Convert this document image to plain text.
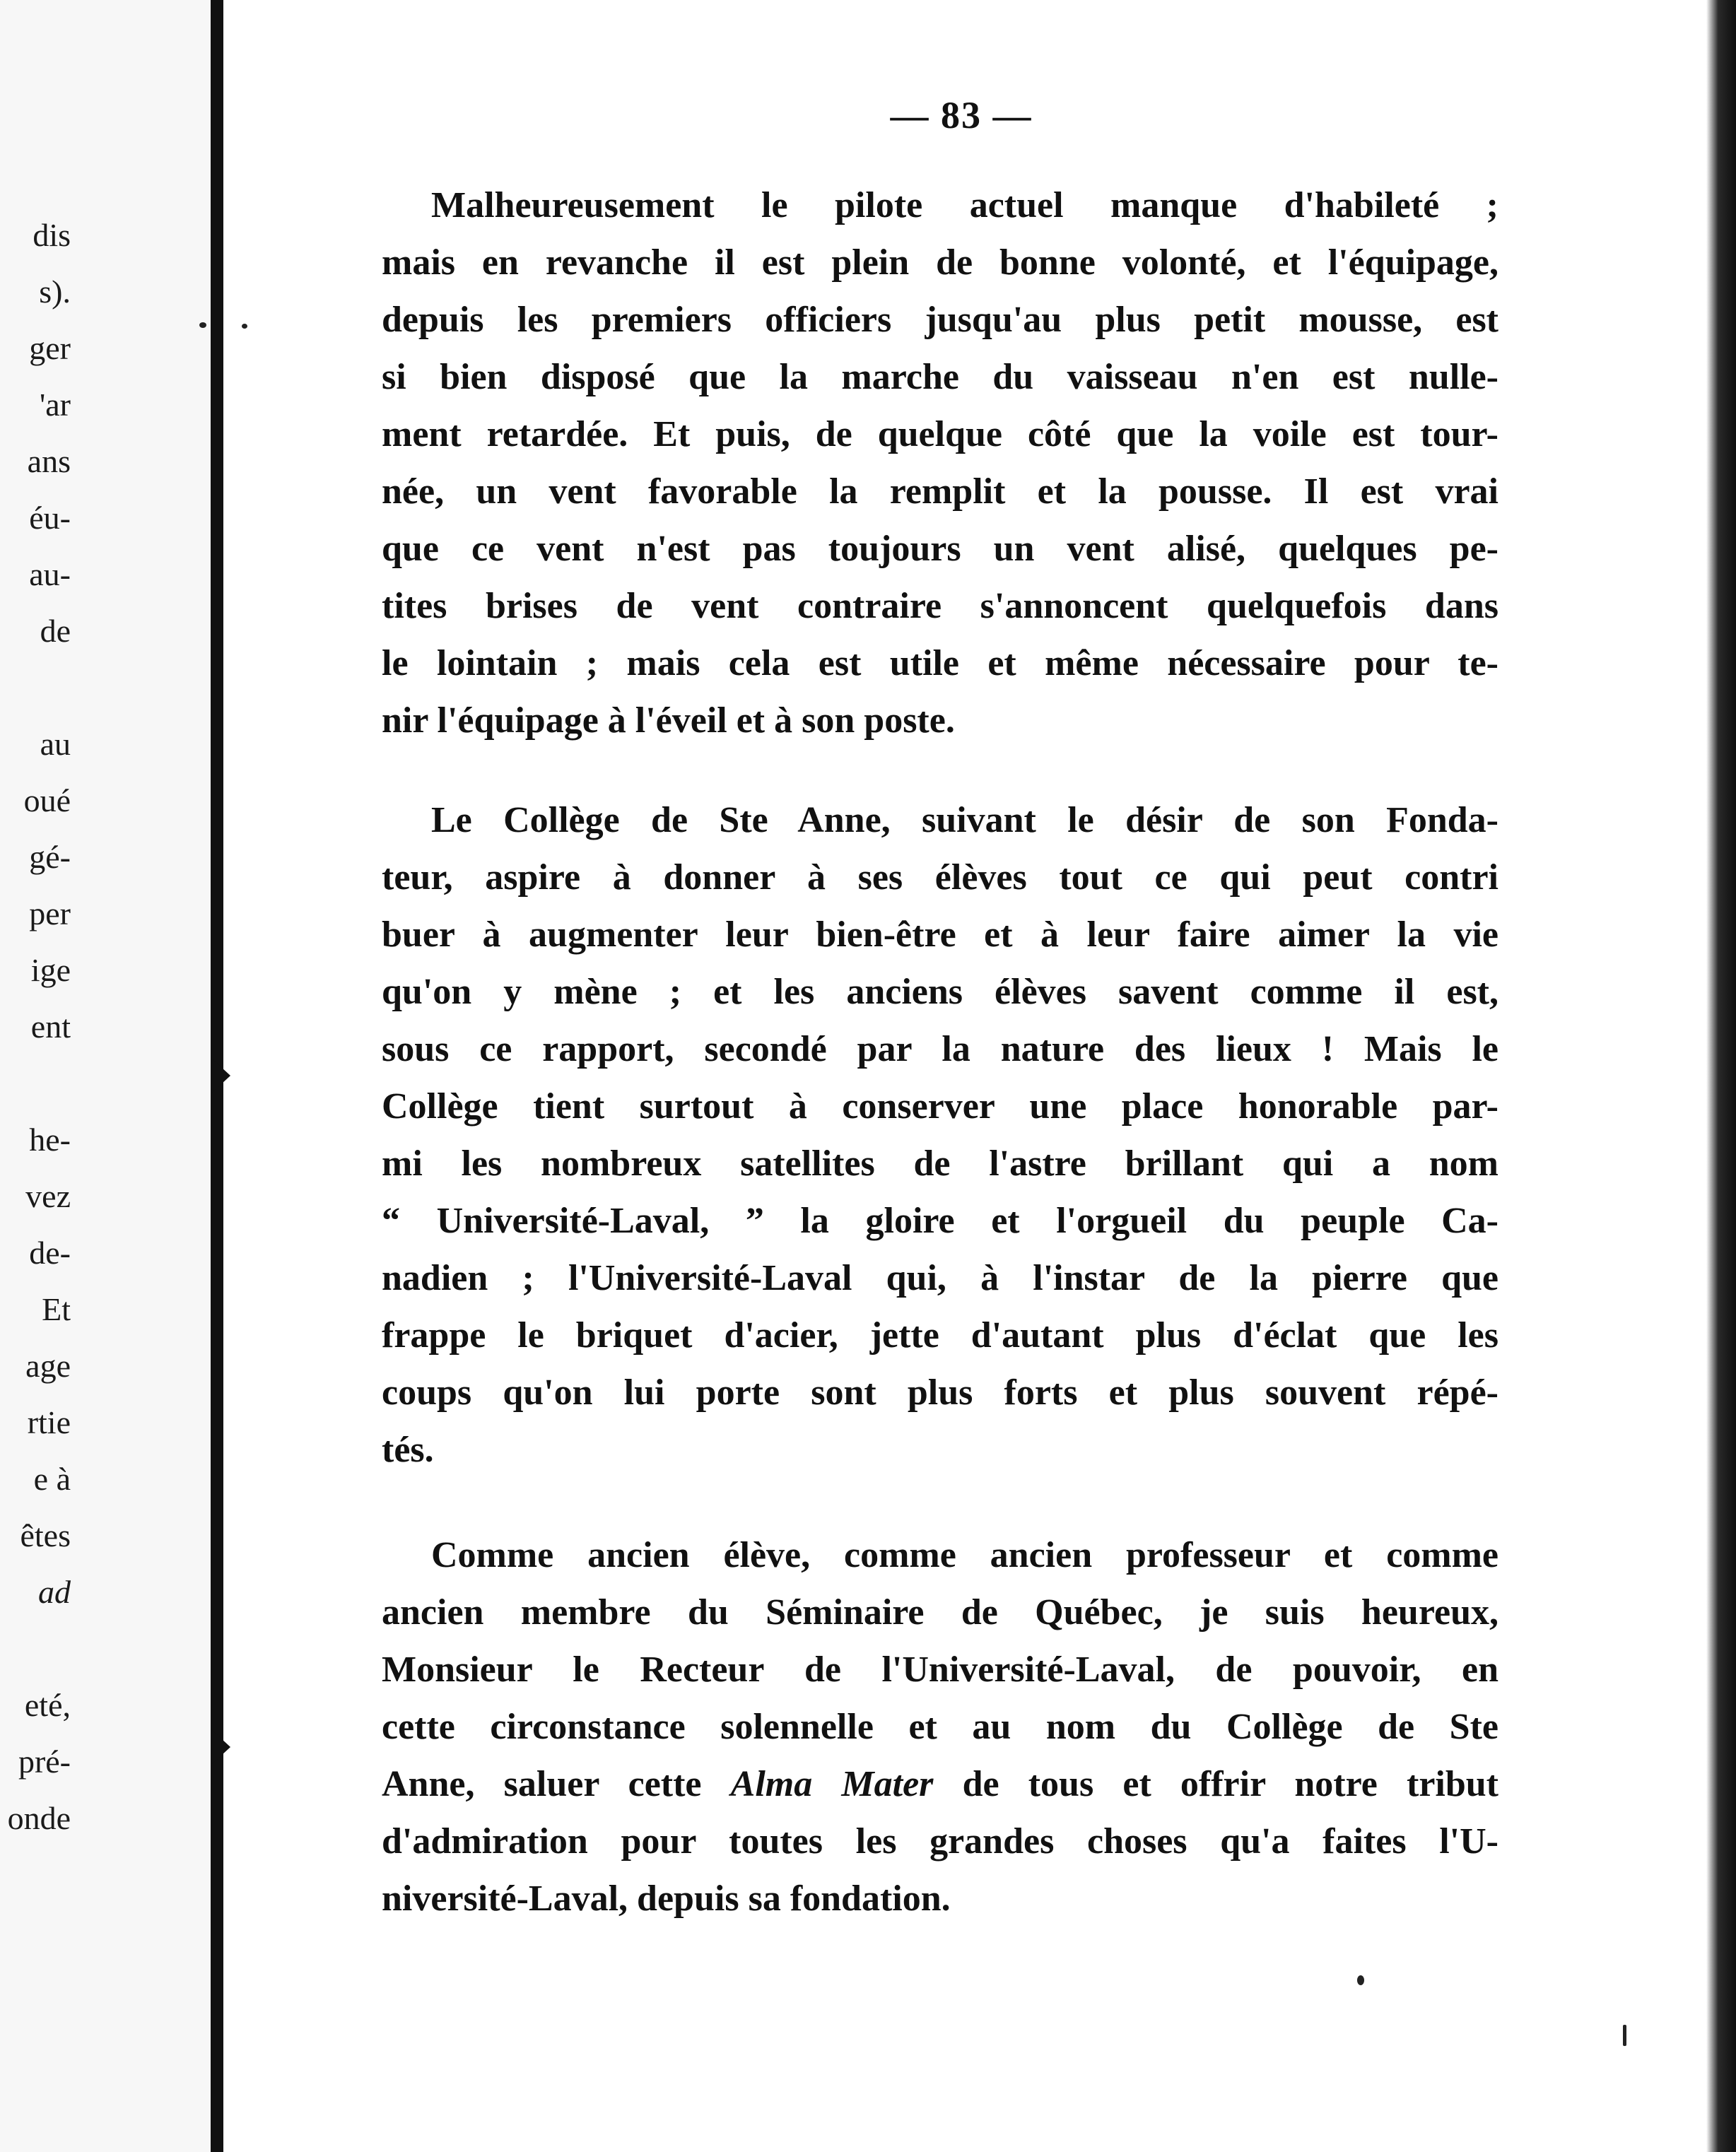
dis
s).
ger
'ar
ans
éu-
au-
de
au
oué
gé-
per
ige
ent
he-
vez
de-
Et
age
rtie
e à
êtes
ad
eté,
pré-
onde
— 83 —
Malheureusement le pilote actuel manque d'habileté ;
mais en revanche il est plein de bonne volonté, et l'équipage,
depuis les premiers officiers jusqu'au plus petit mousse, est
si bien disposé que la marche du vaisseau n'en est nulle-
ment retardée. Et puis, de quelque côté que la voile est tour-
née, un vent favorable la remplit et la pousse. Il est vrai
que ce vent n'est pas toujours un vent alisé, quelques pe-
tites brises de vent contraire s'annoncent quelquefois dans
le lointain ; mais cela est utile et même nécessaire pour te-
nir l'équipage à l'éveil et à son poste.
Le Collège de Ste Anne, suivant le désir de son Fonda-
teur, aspire à donner à ses élèves tout ce qui peut contri
buer à augmenter leur bien-être et à leur faire aimer la vie
qu'on y mène ; et les anciens élèves savent comme il est,
sous ce rapport, secondé par la nature des lieux ! Mais le
Collège tient surtout à conserver une place honorable par-
mi les nombreux satellites de l'astre brillant qui a nom
“ Université-Laval, ” la gloire et l'orgueil du peuple Ca-
nadien ; l'Université-Laval qui, à l'instar de la pierre que
frappe le briquet d'acier, jette d'autant plus d'éclat que les
coups qu'on lui porte sont plus forts et plus souvent répé-
tés.
Comme ancien élève, comme ancien professeur et comme
ancien membre du Séminaire de Québec, je suis heureux,
Monsieur le Recteur de l'Université-Laval, de pouvoir, en
cette circonstance solennelle et au nom du Collège de Ste
Anne, saluer cette Alma Mater de tous et offrir notre tribut
d'admiration pour toutes les grandes choses qu'a faites l'U-
niversité-Laval, depuis sa fondation.
